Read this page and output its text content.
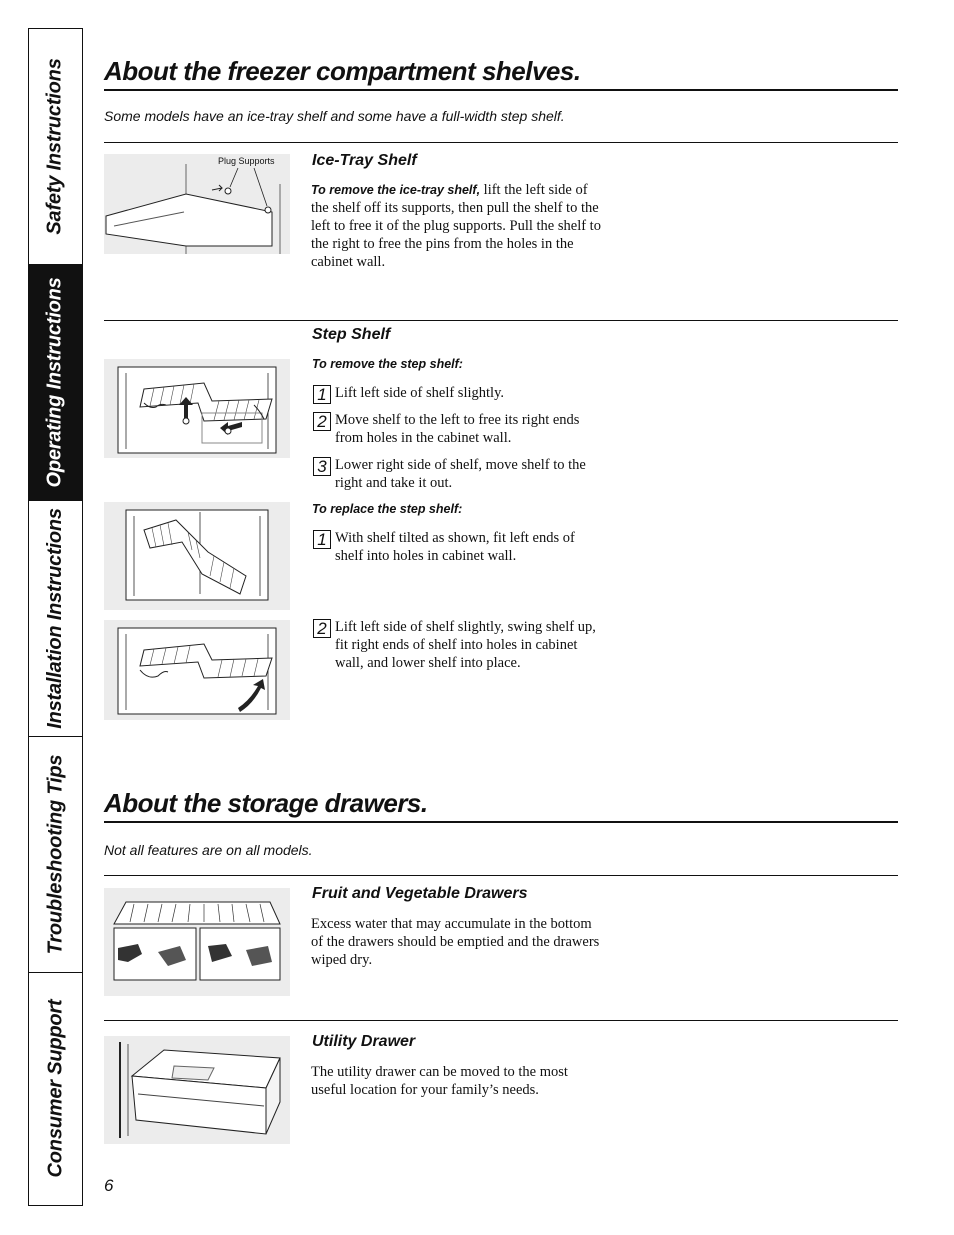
Safety Instructions
Operating Instructions
Installation Instructions
Troubleshooting Tips
Consumer Support
About the freezer compartment shelves.
Some models have an ice-tray shelf and some have a full-width step shelf.
Plug Supports Ice-Tray Shelf
To remove the ice-tray shelf, lift the left side of the shelf off its supports, then pull the shelf to the left to free it of the plug supports. Pull the shelf to the right to free the pins from the holes in the cabinet wall.
Step Shelf
To remove the step shelf:
1 Lift left side of shelf slightly.
2 Move shelf to the left to free its right ends from holes in the cabinet wall.
3 Lower right side of shelf, move shelf to the right and take it out.
To replace the step shelf:
1 With shelf tilted as shown, fit left ends of shelf into holes in cabinet wall.
2 Lift left side of shelf slightly, swing shelf up, fit right ends of shelf into holes in cabinet wall, and lower shelf into place.
About the storage drawers.
Not all features are on all models.
Fruit and Vegetable Drawers
Excess water that may accumulate in the bottom of the drawers should be emptied and the drawers wiped dry.
Utility Drawer
The utility drawer can be moved to the most useful location for your family’s needs.
6
